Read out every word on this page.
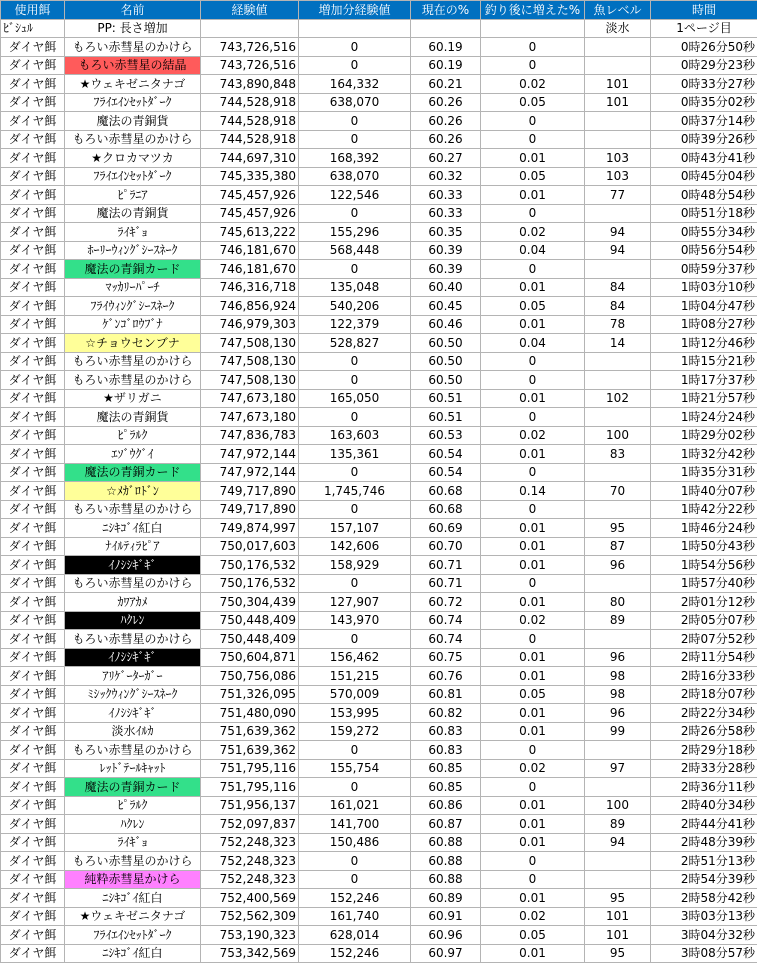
使用餌	名前	経験値	増加分経験値	現在の%	釣り後に増えた%	魚レベル	時間
ﾋﾞｼｭﾙ	PP: 長さ増加					淡水	1ページ目
ダイヤ餌	もろい赤彗星のかけら	743,726,516	0	60.19	0		0時26分50秒
ダイヤ餌	もろい赤彗星の結晶	743,726,516	0	60.19	0		0時29分23秒
ダイヤ餌	★ウェキゼニタナゴ	743,890,848	164,332	60.21	0.02	101	0時33分27秒
ダイヤ餌	ﾌﾗｲｴｲﾝｾｯﾄﾀﾞｰｸ	744,528,918	638,070	60.26	0.05	101	0時35分02秒
ダイヤ餌	魔法の青銅貨	744,528,918	0	60.26	0		0時37分14秒
ダイヤ餌	もろい赤彗星のかけら	744,528,918	0	60.26	0		0時39分26秒
ダイヤ餌	★クロカマツカ	744,697,310	168,392	60.27	0.01	103	0時43分41秒
ダイヤ餌	ﾌﾗｲｴｲﾝｾｯﾄﾀﾞｰｸ	745,335,380	638,070	60.32	0.05	103	0時45分04秒
ダイヤ餌	ﾋﾟﾗﾆｱ	745,457,926	122,546	60.33	0.01	77	0時48分54秒
ダイヤ餌	魔法の青銅貨	745,457,926	0	60.33	0		0時51分18秒
ダイヤ餌	ﾗｲｷﾞｮ	745,613,222	155,296	60.35	0.02	94	0時55分34秒
ダイヤ餌	ﾎｰﾘｰｳｨﾝｸﾞｼｰｽﾈｰｸ	746,181,670	568,448	60.39	0.04	94	0時56分54秒
ダイヤ餌	魔法の青銅カード	746,181,670	0	60.39	0		0時59分37秒
ダイヤ餌	ﾏｯｶﾘｰﾊﾟｰﾁ	746,316,718	135,048	60.40	0.01	84	1時03分10秒
ダイヤ餌	ﾌﾗｲｳｨﾝｸﾞｼｰｽﾈｰｸ	746,856,924	540,206	60.45	0.05	84	1時04分47秒
ダイヤ餌	ｹﾞﾝｺﾞﾛｳﾌﾞﾅ	746,979,303	122,379	60.46	0.01	78	1時08分27秒
ダイヤ餌	☆チョウセンブナ	747,508,130	528,827	60.50	0.04	14	1時12分46秒
ダイヤ餌	もろい赤彗星のかけら	747,508,130	0	60.50	0		1時15分21秒
ダイヤ餌	もろい赤彗星のかけら	747,508,130	0	60.50	0		1時17分37秒
ダイヤ餌	★ザリガニ	747,673,180	165,050	60.51	0.01	102	1時21分57秒
ダイヤ餌	魔法の青銅貨	747,673,180	0	60.51	0		1時24分24秒
ダイヤ餌	ﾋﾟﾗﾙｸ	747,836,783	163,603	60.53	0.02	100	1時29分02秒
ダイヤ餌	ｴｿﾞｳｸﾞｲ	747,972,144	135,361	60.54	0.01	83	1時32分42秒
ダイヤ餌	魔法の青銅カード	747,972,144	0	60.54	0		1時35分31秒
ダイヤ餌	☆ﾒｶﾞﾛﾄﾞﾝ	749,717,890	1,745,746	60.68	0.14	70	1時40分07秒
ダイヤ餌	もろい赤彗星のかけら	749,717,890	0	60.68	0		1時42分22秒
ダイヤ餌	ﾆｼｷｺﾞｲ紅白	749,874,997	157,107	60.69	0.01	95	1時46分24秒
ダイヤ餌	ﾅｲﾙﾃｨﾗﾋﾟｱ	750,017,603	142,606	60.70	0.01	87	1時50分43秒
ダイヤ餌	ｲﾉｼｼｷﾞｷﾞ	750,176,532	158,929	60.71	0.01	96	1時54分56秒
ダイヤ餌	もろい赤彗星のかけら	750,176,532	0	60.71	0		1時57分40秒
ダイヤ餌	ｶﾜｱｶﾒ	750,304,439	127,907	60.72	0.01	80	2時01分12秒
ダイヤ餌	ﾊｸﾚﾝ	750,448,409	143,970	60.74	0.02	89	2時05分07秒
ダイヤ餌	もろい赤彗星のかけら	750,448,409	0	60.74	0		2時07分52秒
ダイヤ餌	ｲﾉｼｼｷﾞｷﾞ	750,604,871	156,462	60.75	0.01	96	2時11分54秒
ダイヤ餌	ｱﾘｹﾞｰﾀｰｶﾞｰ	750,756,086	151,215	60.76	0.01	98	2時16分33秒
ダイヤ餌	ﾐｼｯｸｳｨﾝｸﾞｼｰｽﾈｰｸ	751,326,095	570,009	60.81	0.05	98	2時18分07秒
ダイヤ餌	ｲﾉｼｼｷﾞｷﾞ	751,480,090	153,995	60.82	0.01	96	2時22分34秒
ダイヤ餌	淡水ｲﾙｶ	751,639,362	159,272	60.83	0.01	99	2時26分58秒
ダイヤ餌	もろい赤彗星のかけら	751,639,362	0	60.83	0		2時29分18秒
ダイヤ餌	ﾚｯﾄﾞﾃｰﾙｷｬｯﾄ	751,795,116	155,754	60.85	0.02	97	2時33分28秒
ダイヤ餌	魔法の青銅カード	751,795,116	0	60.85	0		2時36分11秒
ダイヤ餌	ﾋﾟﾗﾙｸ	751,956,137	161,021	60.86	0.01	100	2時40分34秒
ダイヤ餌	ﾊｸﾚﾝ	752,097,837	141,700	60.87	0.01	89	2時44分41秒
ダイヤ餌	ﾗｲｷﾞｮ	752,248,323	150,486	60.88	0.01	94	2時48分39秒
ダイヤ餌	もろい赤彗星のかけら	752,248,323	0	60.88	0		2時51分13秒
ダイヤ餌	純粋赤彗星かけら	752,248,323	0	60.88	0		2時54分39秒
ダイヤ餌	ﾆｼｷｺﾞｲ紅白	752,400,569	152,246	60.89	0.01	95	2時58分42秒
ダイヤ餌	★ウェキゼニタナゴ	752,562,309	161,740	60.91	0.02	101	3時03分13秒
ダイヤ餌	ﾌﾗｲｴｲﾝｾｯﾄﾀﾞｰｸ	753,190,323	628,014	60.96	0.05	101	3時04分32秒
ダイヤ餌	ﾆｼｷｺﾞｲ紅白	753,342,569	152,246	60.97	0.01	95	3時08分57秒
